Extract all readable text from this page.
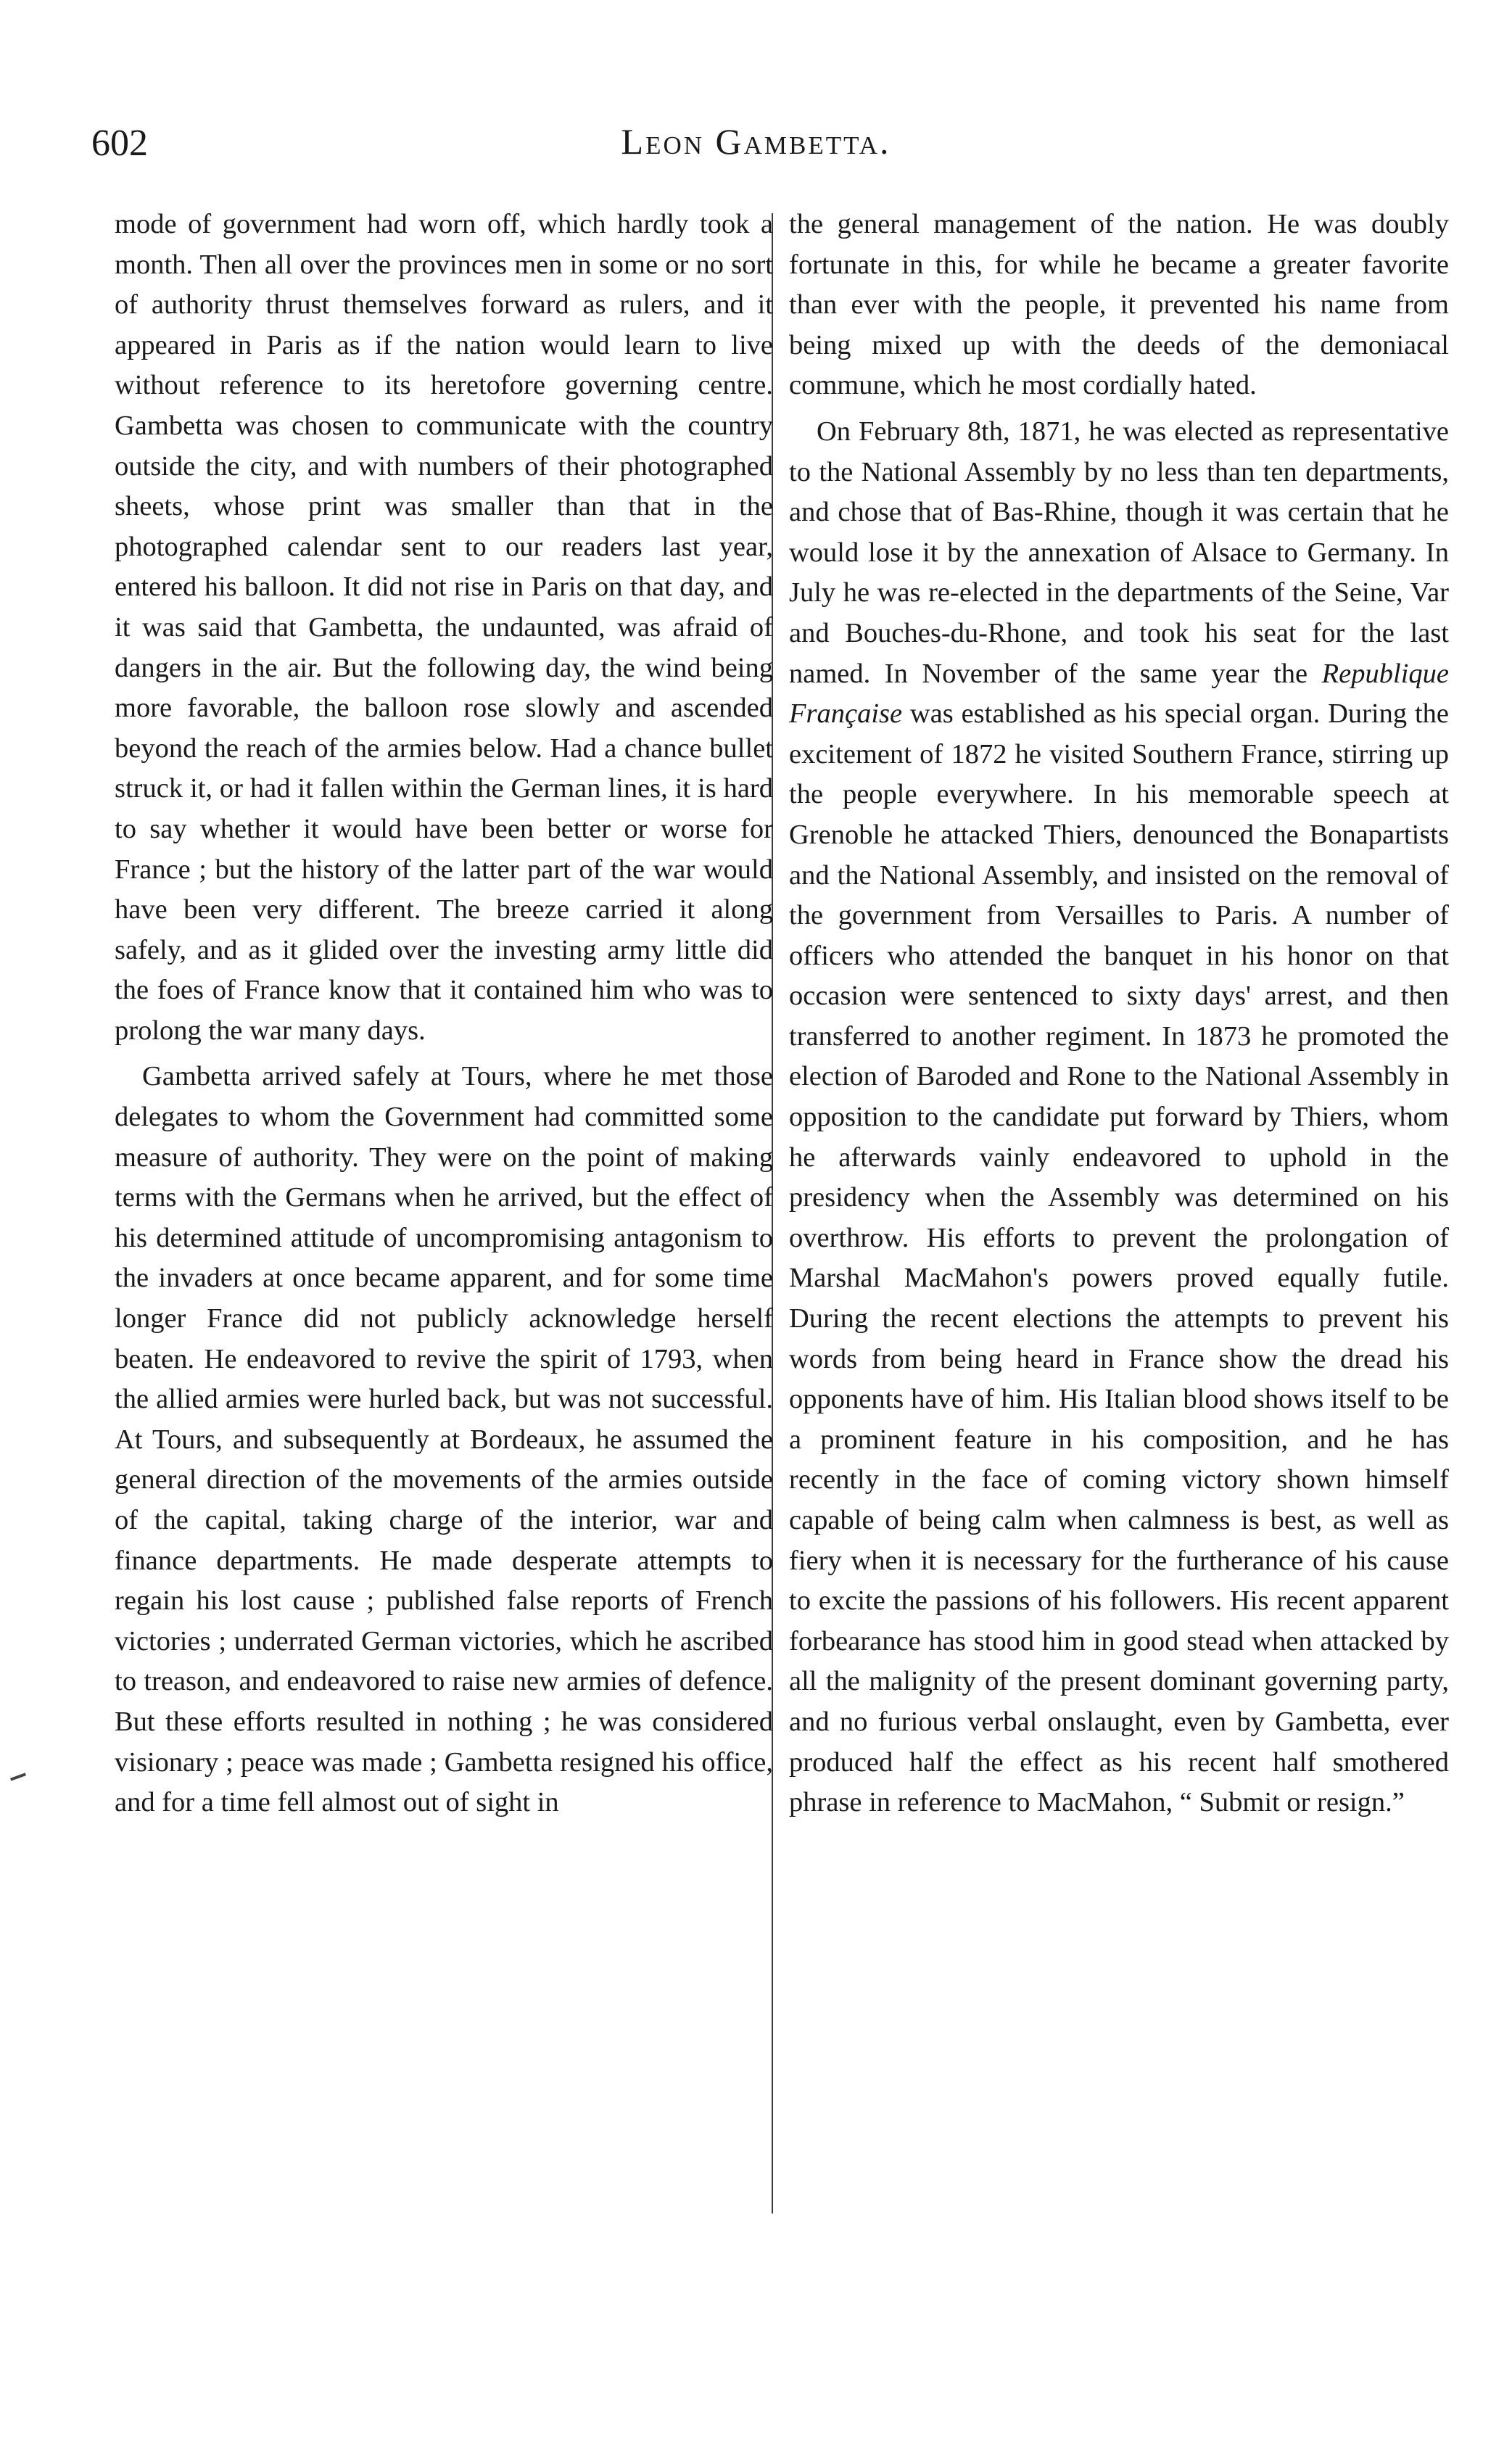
602	Leon Gambetta.

mode of government had worn off, which hardly took a month. Then all over the provinces men in some or no sort of authority thrust themselves forward as rulers, and it appeared in Paris as if the nation would learn to live without reference to its heretofore governing centre. Gambetta was chosen to communicate with the country outside the city, and with numbers of their photographed sheets, whose print was smaller than that in the photographed calendar sent to our readers last year, entered his balloon. It did not rise in Paris on that day, and it was said that Gambetta, the undaunted, was afraid of dangers in the air. But the following day, the wind being more favorable, the balloon rose slowly and ascended beyond the reach of the armies below. Had a chance bullet struck it, or had it fallen within the German lines, it is hard to say whether it would have been better or worse for France ; but the history of the latter part of the war would have been very different. The breeze carried it along safely, and as it glided over the investing army little did the foes of France know that it contained him who was to prolong the war many days.

Gambetta arrived safely at Tours, where he met those delegates to whom the Government had committed some measure of authority. They were on the point of making terms with the Germans when he arrived, but the effect of his determined attitude of uncompromising antagonism to the invaders at once became apparent, and for some time longer France did not publicly acknowledge herself beaten. He endeavored to revive the spirit of 1793, when the allied armies were hurled back, but was not successful. At Tours, and subsequently at Bordeaux, he assumed the general direction of the movements of the armies outside of the capital, taking charge of the interior, war and finance departments. He made desperate attempts to regain his lost cause ; published false reports of French victories ; underrated German victories, which he ascribed to treason, and endeavored to raise new armies of defence. But these efforts resulted in nothing ; he was considered visionary ; peace was made ; Gambetta resigned his office, and for a time fell almost out of sight in

the general management of the nation. He was doubly fortunate in this, for while he became a greater favorite than ever with the people, it prevented his name from being mixed up with the deeds of the demoniacal commune, which he most cordially hated.

On February 8th, 1871, he was elected as representative to the National Assembly by no less than ten departments, and chose that of Bas-Rhine, though it was certain that he would lose it by the annexation of Alsace to Germany. In July he was re-elected in the departments of the Seine, Var and Bouches-du-Rhone, and took his seat for the last named. In November of the same year the Republique Française was established as his special organ. During the excitement of 1872 he visited Southern France, stirring up the people everywhere. In his memorable speech at Grenoble he attacked Thiers, denounced the Bonapartists and the National Assembly, and insisted on the removal of the government from Versailles to Paris. A number of officers who attended the banquet in his honor on that occasion were sentenced to sixty days' arrest, and then transferred to another regiment. In 1873 he promoted the election of Baroded and Rone to the National Assembly in opposition to the candidate put forward by Thiers, whom he afterwards vainly endeavored to uphold in the presidency when the Assembly was determined on his overthrow. His efforts to prevent the prolongation of Marshal MacMahon's powers proved equally futile. During the recent elections the attempts to prevent his words from being heard in France show the dread his opponents have of him. His Italian blood shows itself to be a prominent feature in his composition, and he has recently in the face of coming victory shown himself capable of being calm when calmness is best, as well as fiery when it is necessary for the furtherance of his cause to excite the passions of his followers. His recent apparent forbearance has stood him in good stead when attacked by all the malignity of the present dominant governing party, and no furious verbal onslaught, even by Gambetta, ever produced half the effect as his recent half smothered phrase in reference to MacMahon, “ Submit or resign.”
